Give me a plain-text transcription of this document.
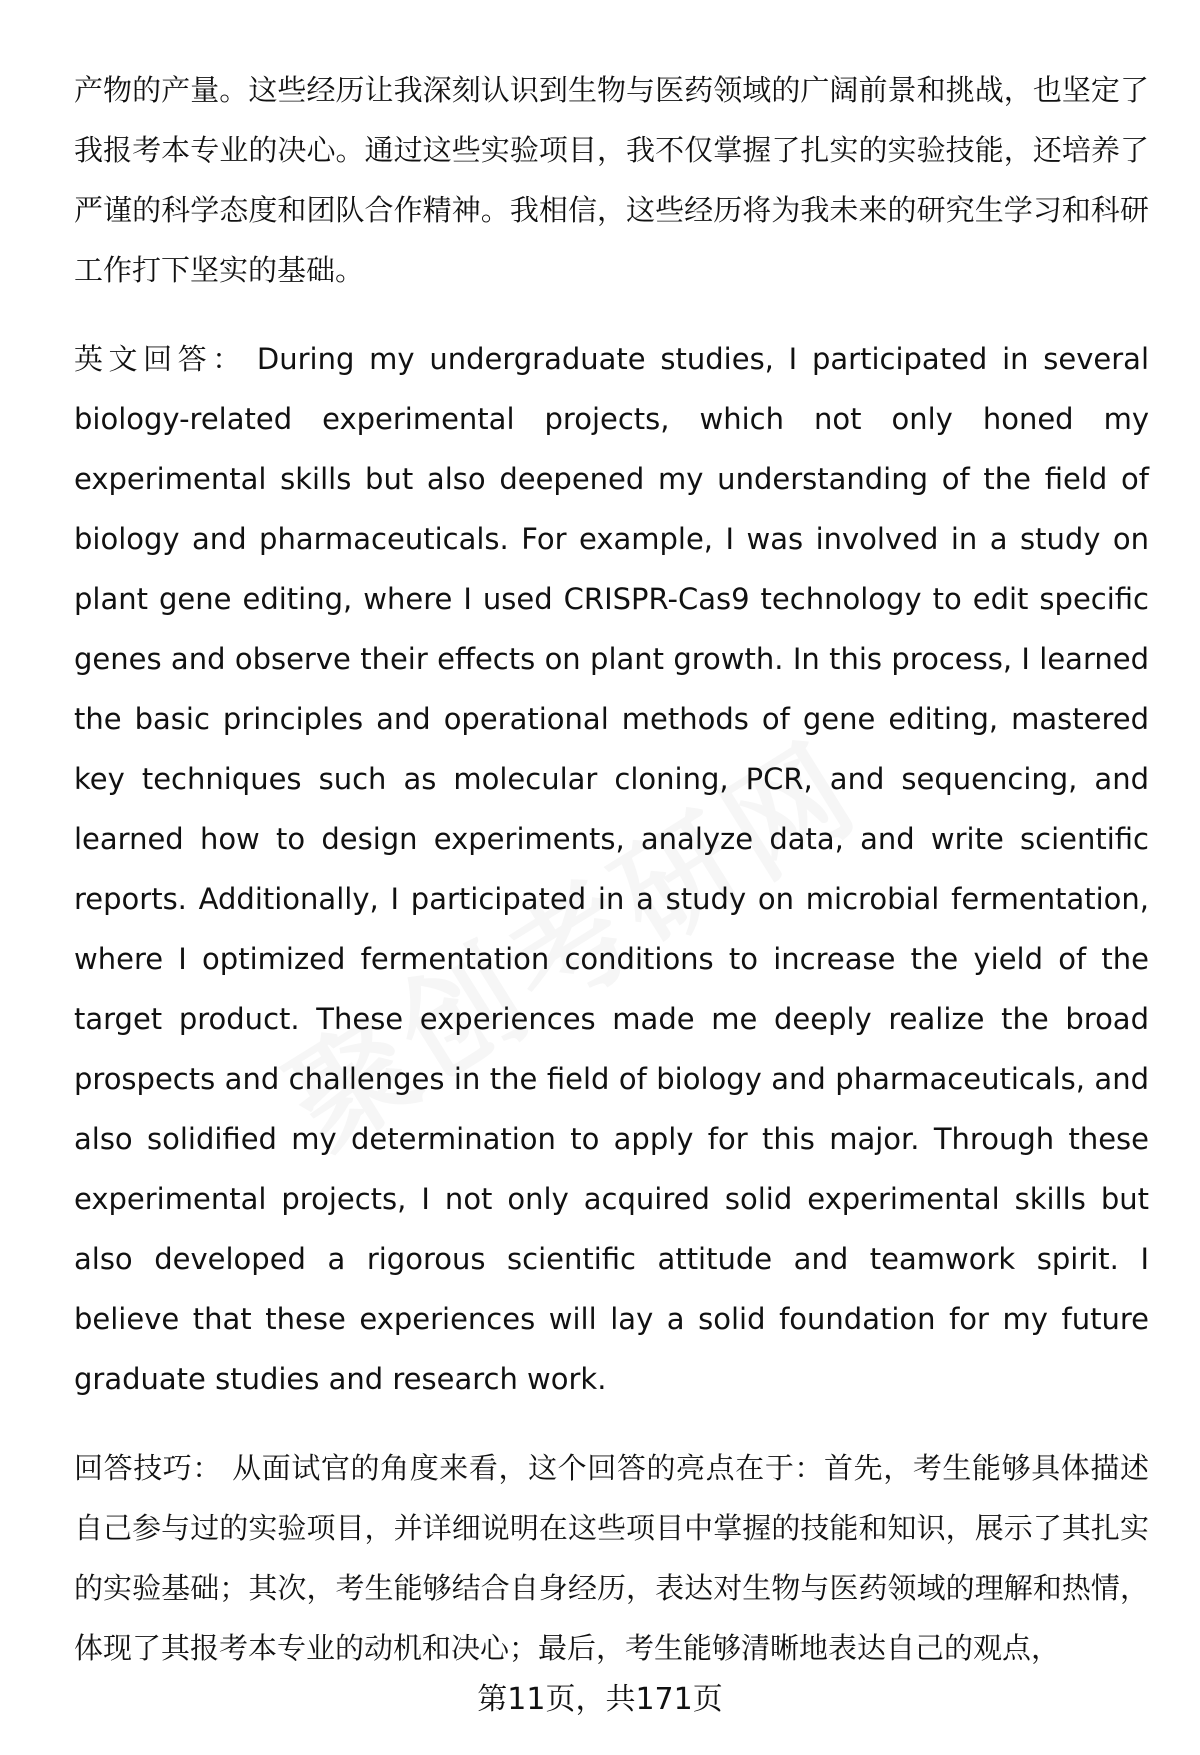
产物的产量。这些经历让我深刻认识到生物与医药领域的广阔前景和挑战，也坚定了我报考本专业的决心。通过这些实验项目，我不仅掌握了扎实的实验技能，还培养了严谨的科学态度和团队合作精神。我相信，这些经历将为我未来的研究生学习和科研工作打下坚实的基础。

英文回答： During my undergraduate studies, I participated in several biology-related experimental projects, which not only honed my experimental skills but also deepened my understanding of the field of biology and pharmaceuticals. For example, I was involved in a study on plant gene editing, where I used CRISPR-Cas9 technology to edit specific genes and observe their effects on plant growth. In this process, I learned the basic principles and operational methods of gene editing, mastered key techniques such as molecular cloning, PCR, and sequencing, and learned how to design experiments, analyze data, and write scientific reports. Additionally, I participated in a study on microbial fermentation, where I optimized fermentation conditions to increase the yield of the target product. These experiences made me deeply realize the broad prospects and challenges in the field of biology and pharmaceuticals, and also solidified my determination to apply for this major. Through these experimental projects, I not only acquired solid experimental skills but also developed a rigorous scientific attitude and teamwork spirit. I believe that these experiences will lay a solid foundation for my future graduate studies and research work.

回答技巧： 从面试官的角度来看，这个回答的亮点在于：首先，考生能够具体描述自己参与过的实验项目，并详细说明在这些项目中掌握的技能和知识，展示了其扎实的实验基础；其次，考生能够结合自身经历，表达对生物与医药领域的理解和热情，体现了其报考本专业的动机和决心；最后，考生能够清晰地表达自己的观点，

第11页，共171页
